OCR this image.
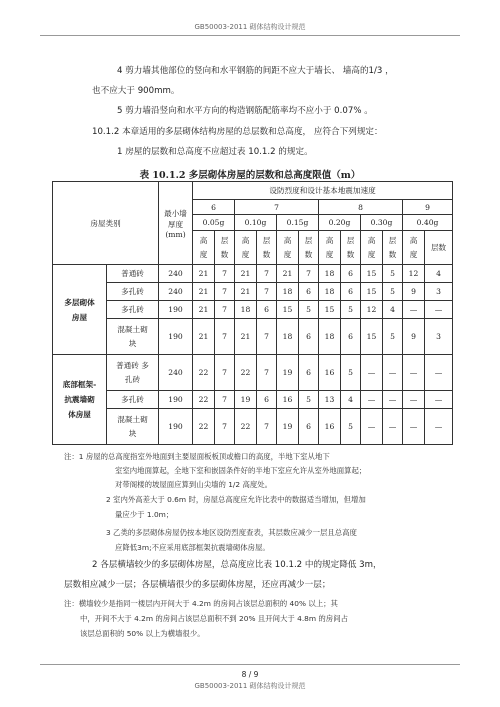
GB50003-2011 砌体结构设计规范
4 剪力墙其他部位的竖向和水平钢筋的间距不应大于墙长、 墙高的1/3 ，
也不应大于 900mm。
5 剪力墙沿竖向和水平方向的构造钢筋配筋率均不应小于 0.07% 。
10.1.2 本章适用的多层砌体结构房屋的总层数和总高度， 应符合下列规定：
1 房屋的层数和总高度不应超过表 10.1.2 的规定。
表 10.1.2 多层砌体房屋的层数和总高度限值（m）
房屋类别		最小墙
厚度
(mm)	设防烈度和设计基本地震加速度											
			6		7				8				9	
			0.05g		0.10g		0.15g		0.20g		0.30g		0.40g	
			高度	层数	高度	层数	高度	层数	高度	层数	高度	层数	高度	层数
多层砌体房屋	普通砖	240	21	7	21	7	21	7	18	6	15	5	12	4
	多孔砖	240	21	7	21	7	18	6	18	6	15	5	9	3
	多孔砖	190	21	7	18	6	15	5	15	5	12	4	—	—
	混凝土砌块	190	21	7	21	7	18	6	18	6	15	5	9	3
底部框架-抗震墙砌体房屋	普通砖 多孔砖	240	22	7	22	7	19	6	16	5	—	—	—	—
	多孔砖	190	22	7	19	6	16	5	13	4	—	—	—	—
	混凝土砌块	190	22	7	22	7	19	6	16	5	—	—	—	—
注：1 房屋的总高度指室外地面到主要屋面板板顶或檐口的高度，半地下室从地下
室室内地面算起，全地下室和嵌固条件好的半地下室应允许从室外地面算起；
对带阁楼的坡屋面应算到山尖墙的 1/2 高度处。
2 室内外高差大于 0.6m 时，房屋总高度应允许比表中的数据适当增加，但增加
量应少于 1.0m；
3 乙类的多层砌体房屋仍按本地区设防烈度查表，其层数应减少一层且总高度
应降低3m;不应采用底部框架抗震墙砌体房屋。
2 各层横墙较少的多层砌体房屋，总高度应比表 10.1.2 中的规定降低 3m，
层数相应减少一层；各层横墙很少的多层砌体房屋，还应再减少一层；
注：横墙较少是指同一楼层内开间大于 4.2m 的房间占该层总面积的 40% 以上；其
中，开间不大于 4.2m 的房间占该层总面积不到 20% 且开间大于 4.8m 的房间占
该层总面积的 50% 以上为横墙很少。
8 / 9
GB50003-2011 砌体结构设计规范
